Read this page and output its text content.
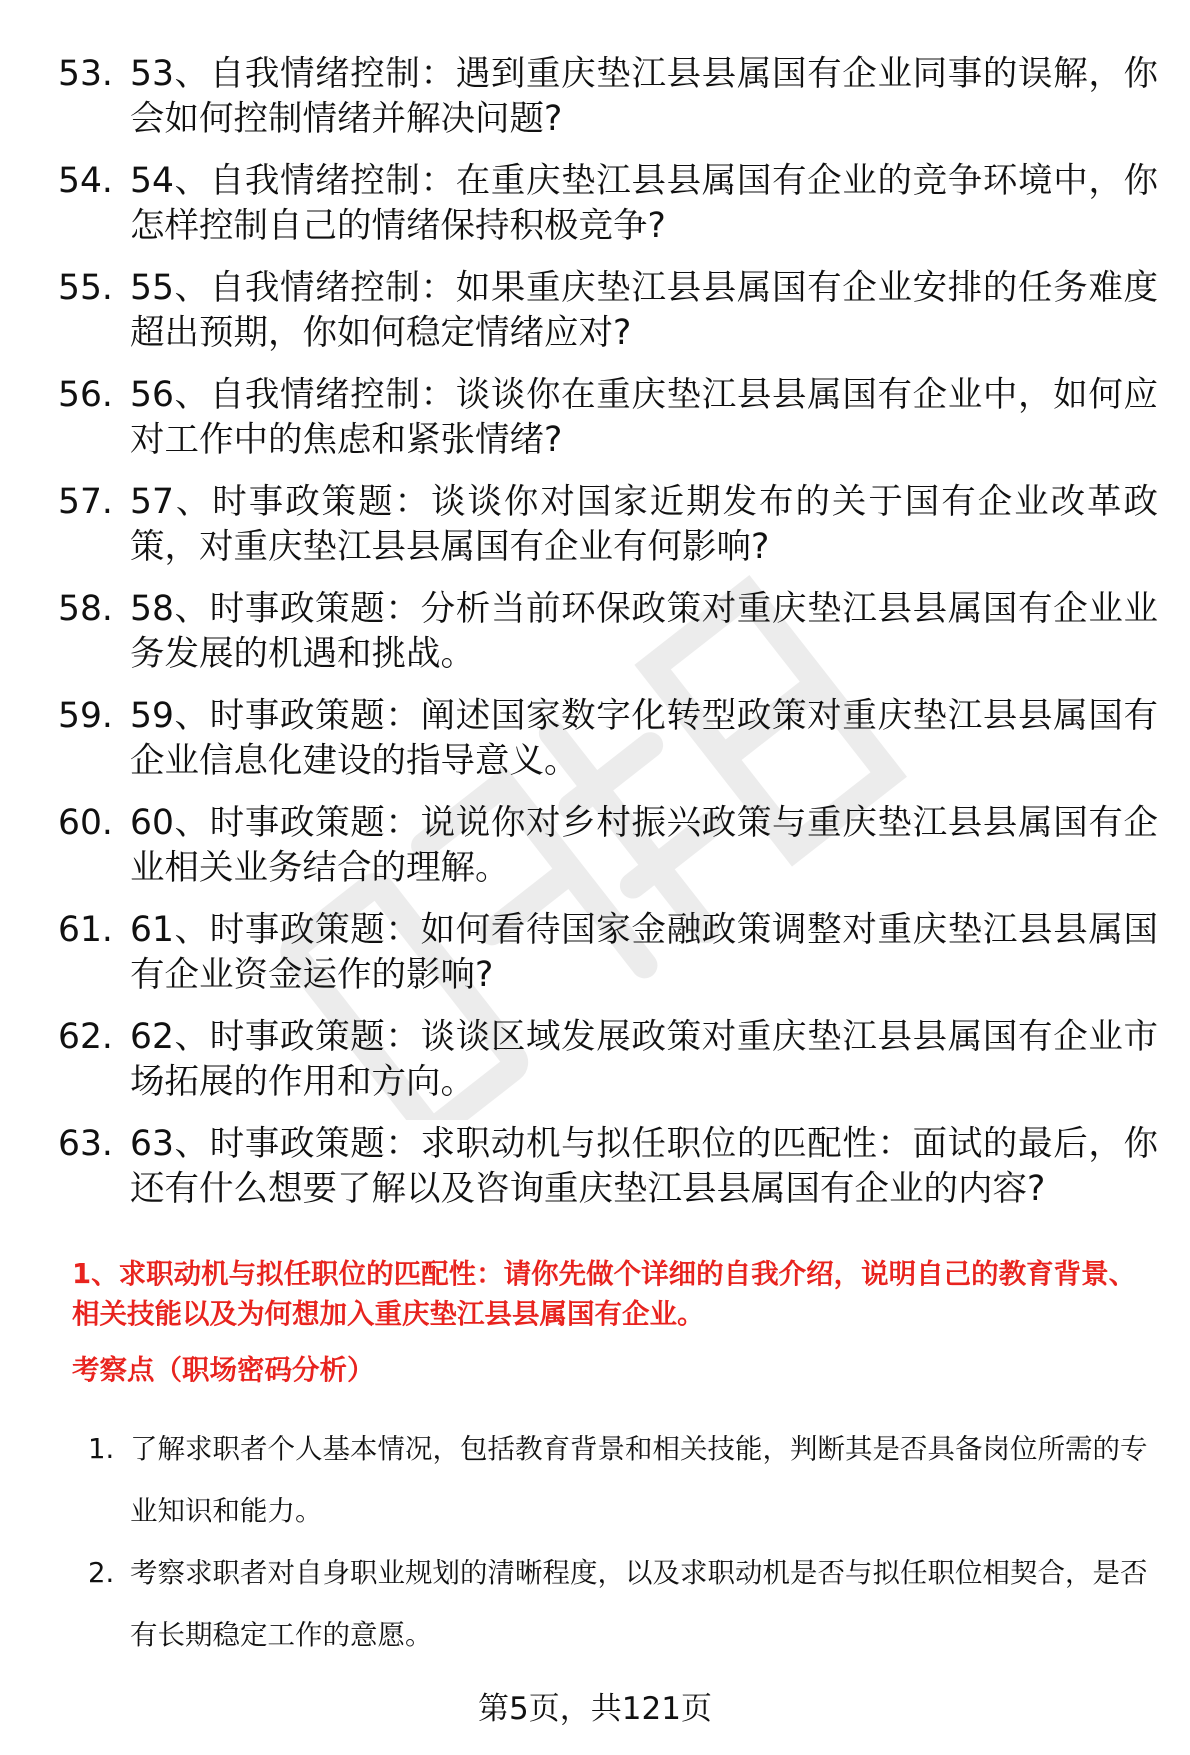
53. 53、自我情绪控制：遇到重庆垫江县县属国有企业同事的误解，你会如何控制情绪并解决问题?
54. 54、自我情绪控制：在重庆垫江县县属国有企业的竞争环境中，你怎样控制自己的情绪保持积极竞争?
55. 55、自我情绪控制：如果重庆垫江县县属国有企业安排的任务难度超出预期，你如何稳定情绪应对?
56. 56、自我情绪控制：谈谈你在重庆垫江县县属国有企业中，如何应对工作中的焦虑和紧张情绪?
57. 57、时事政策题：谈谈你对国家近期发布的关于国有企业改革政策，对重庆垫江县县属国有企业有何影响?
58. 58、时事政策题：分析当前环保政策对重庆垫江县县属国有企业业务发展的机遇和挑战。
59. 59、时事政策题：阐述国家数字化转型政策对重庆垫江县县属国有企业信息化建设的指导意义。
60. 60、时事政策题：说说你对乡村振兴政策与重庆垫江县县属国有企业相关业务结合的理解。
61. 61、时事政策题：如何看待国家金融政策调整对重庆垫江县县属国有企业资金运作的影响?
62. 62、时事政策题：谈谈区域发展政策对重庆垫江县县属国有企业市场拓展的作用和方向。
63. 63、时事政策题：求职动机与拟任职位的匹配性：面试的最后，你还有什么想要了解以及咨询重庆垫江县县属国有企业的内容?

1、求职动机与拟任职位的匹配性：请你先做个详细的自我介绍，说明自己的教育背景、相关技能以及为何想加入重庆垫江县县属国有企业。

考察点（职场密码分析）

1. 了解求职者个人基本情况，包括教育背景和相关技能，判断其是否具备岗位所需的专业知识和能力。
2. 考察求职者对自身职业规划的清晰程度，以及求职动机是否与拟任职位相契合，是否有长期稳定工作的意愿。
第5页，共121页
